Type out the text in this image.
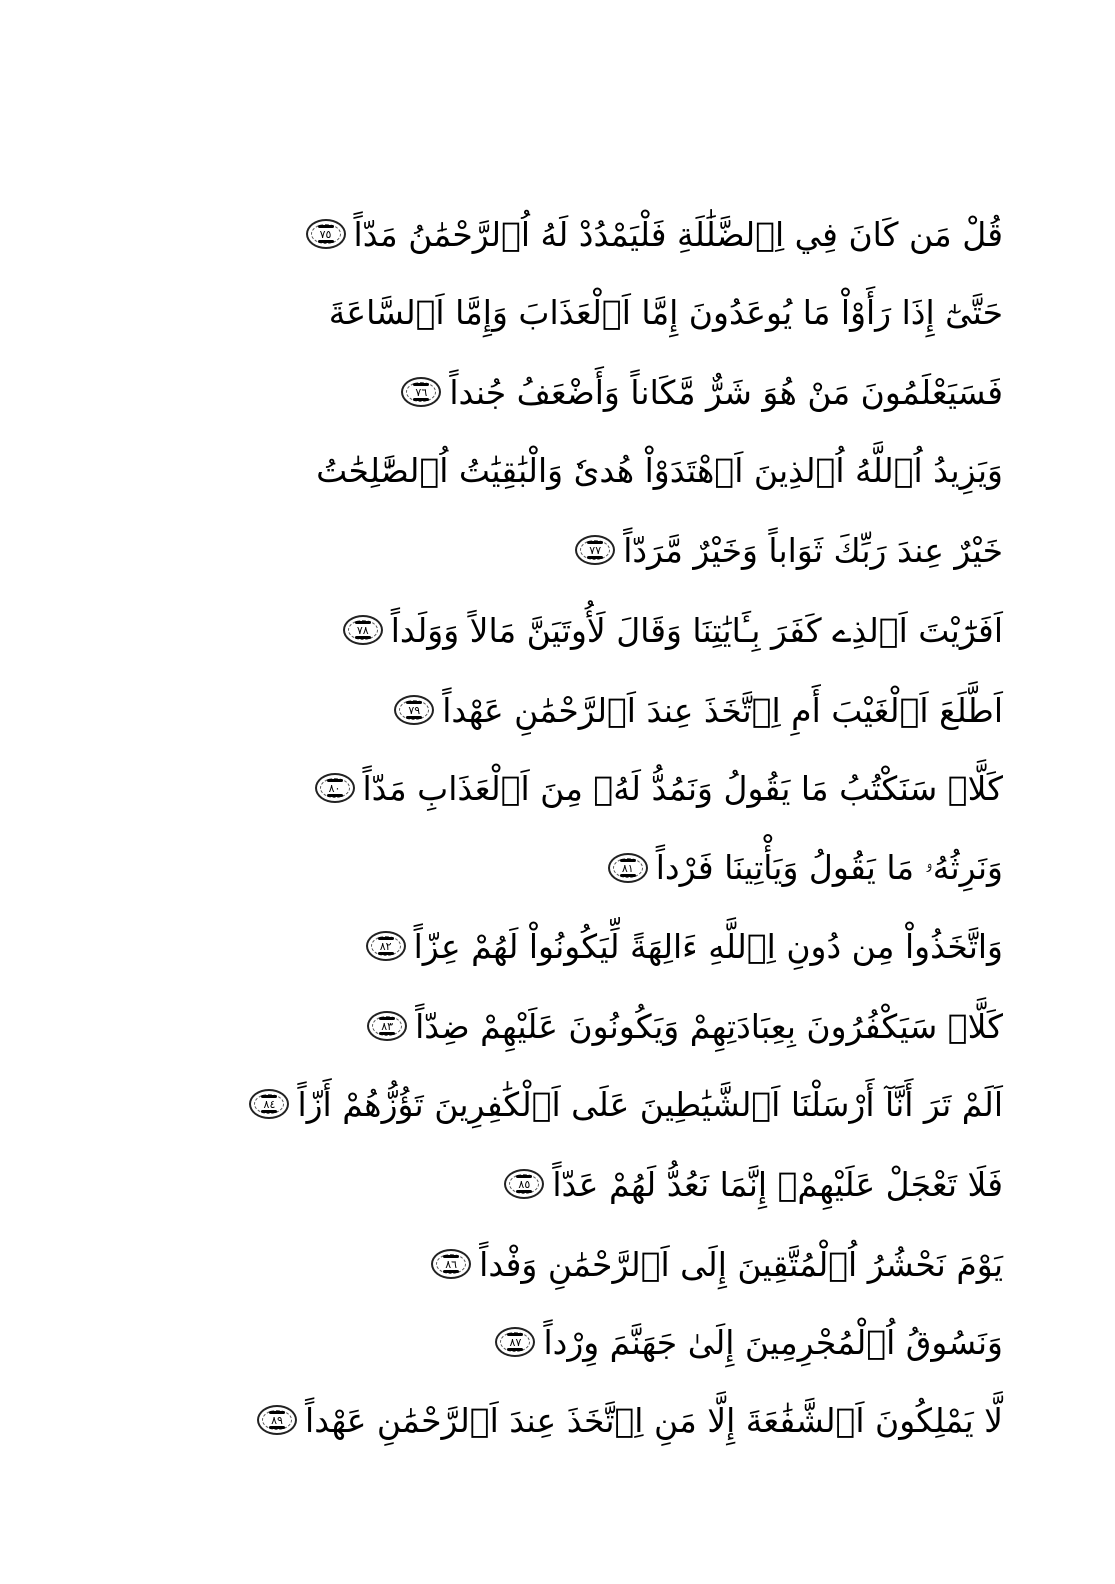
قُلْ مَن كَانَ فِي اِ۬لضَّلَٰلَةِ فَلْيَمْدُدْ لَهُ اُ۬لرَّحْمَٰنُ مَدّاً
٧٥
حَتَّىٰٓ إِذَا رَأَوْاْ مَا يُوعَدُونَ إِمَّا اَ۬لْعَذَابَ وَإِمَّا اَ۬لسَّاعَةَ
فَسَيَعْلَمُونَ مَنْ هُوَ شَرٌّ مَّكَاناً وَأَضْعَفُ جُنداً
٧٦
وَيَزِيدُ اُ۬للَّهُ اُ۬لذِينَ اَ۪هْتَدَوْاْ هُدىٗ وَالْبَٰقِيَٰتُ اُ۬لصَّٰلِحَٰتُ
خَيْرٌ عِندَ رَبِّكَ ثَوَاباً وَخَيْرٌ مَّرَدّاً
٧٧
اَفَرَٰٓيْتَ اَ۬لذِے كَفَرَ بِـَٔايَٰتِنَا وَقَالَ لَأُوتَيَنَّ مَالاً وَوَلَداً
٧٨
اَطَّلَعَ اَ۬لْغَيْبَ أَمِ اِ۪تَّخَذَ عِندَ اَ۬لرَّحْمَٰنِ عَهْداً
٧٩
كَلَّاۖ سَنَكْتُبُ مَا يَقُولُ وَنَمُدُّ لَهُۥ مِنَ اَ۬لْعَذَابِ مَدّاً
٨٠
وَنَرِثُهُۥ مَا يَقُولُ وَيَأْتِينَا فَرْداً
٨١
وَاتَّخَذُواْ مِن دُونِ اِ۬للَّهِ ءَالِهَةً لِّيَكُونُواْ لَهُمْ عِزّاً
٨٢
كَلَّاۖ سَيَكْفُرُونَ بِعِبَادَتِهِمْ وَيَكُونُونَ عَلَيْهِمْ ضِدّاً
٨٣
اَلَمْ تَرَ أَنَّآ أَرْسَلْنَا اَ۬لشَّيَٰطِينَ عَلَى اَ۬لْكَٰفِرِينَ تَؤُزُّهُمْ أَزّاً
٨٤
فَلَا تَعْجَلْ عَلَيْهِمْۖ إِنَّمَا نَعُدُّ لَهُمْ عَدّاً
٨٥
يَوْمَ نَحْشُرُ اُ۬لْمُتَّقِينَ إِلَى اَ۬لرَّحْمَٰنِ وَفْداً
٨٦
وَنَسُوقُ اُ۬لْمُجْرِمِينَ إِلَىٰ جَهَنَّمَ وِرْداً
٨٧
لَّا يَمْلِكُونَ اَ۬لشَّفَٰعَةَ إِلَّا مَنِ اِ۪تَّخَذَ عِندَ اَ۬لرَّحْمَٰنِ عَهْداً
٨٩
